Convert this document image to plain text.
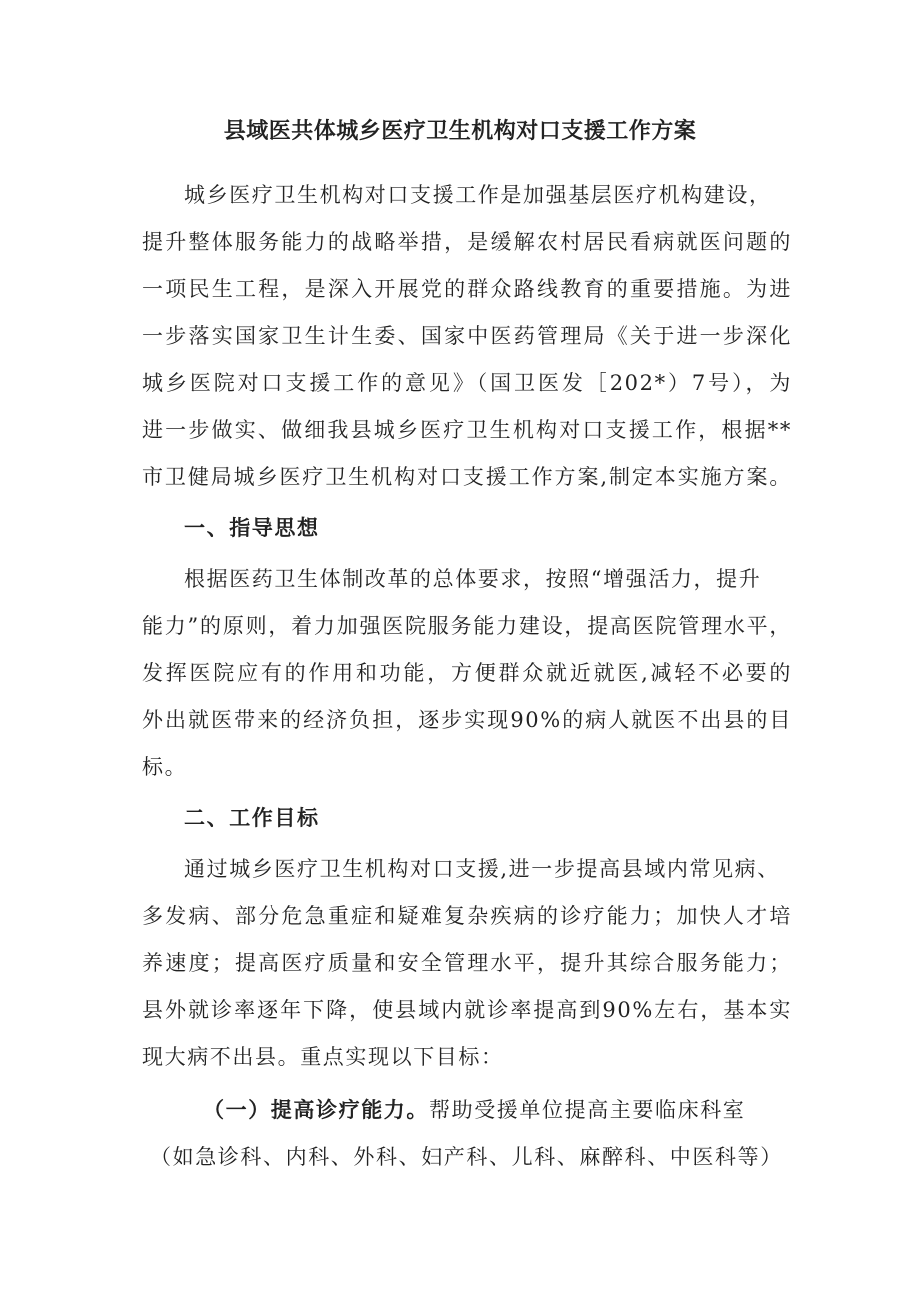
县域医共体城乡医疗卫生机构对口支援工作方案

城乡医疗卫生机构对口支援工作是加强基层医疗机构建设，

提升整体服务能力的战略举措，是缓解农村居民看病就医问题的

一项民生工程，是深入开展党的群众路线教育的重要措施。为进

一步落实国家卫生计生委、国家中医药管理局《关于进一步深化

城乡医院对口支援工作的意见》（国卫医发［202*）7号），为

进一步做实、做细我县城乡医疗卫生机构对口支援工作，根据**

市卫健局城乡医疗卫生机构对口支援工作方案,制定本实施方案。

一、指导思想

根据医药卫生体制改革的总体要求，按照“增强活力，提升

能力”的原则，着力加强医院服务能力建设，提高医院管理水平，

发挥医院应有的作用和功能，方便群众就近就医,减轻不必要的

外出就医带来的经济负担，逐步实现90%的病人就医不出县的目

标。

二、工作目标

通过城乡医疗卫生机构对口支援,进一步提高县域内常见病、

多发病、部分危急重症和疑难复杂疾病的诊疗能力；加快人才培

养速度；提高医疗质量和安全管理水平，提升其综合服务能力；

县外就诊率逐年下降，使县域内就诊率提高到90%左右，基本实

现大病不出县。重点实现以下目标：

（一）提高诊疗能力。帮助受援单位提高主要临床科室

（如急诊科、内科、外科、妇产科、儿科、麻醉科、中医科等）
